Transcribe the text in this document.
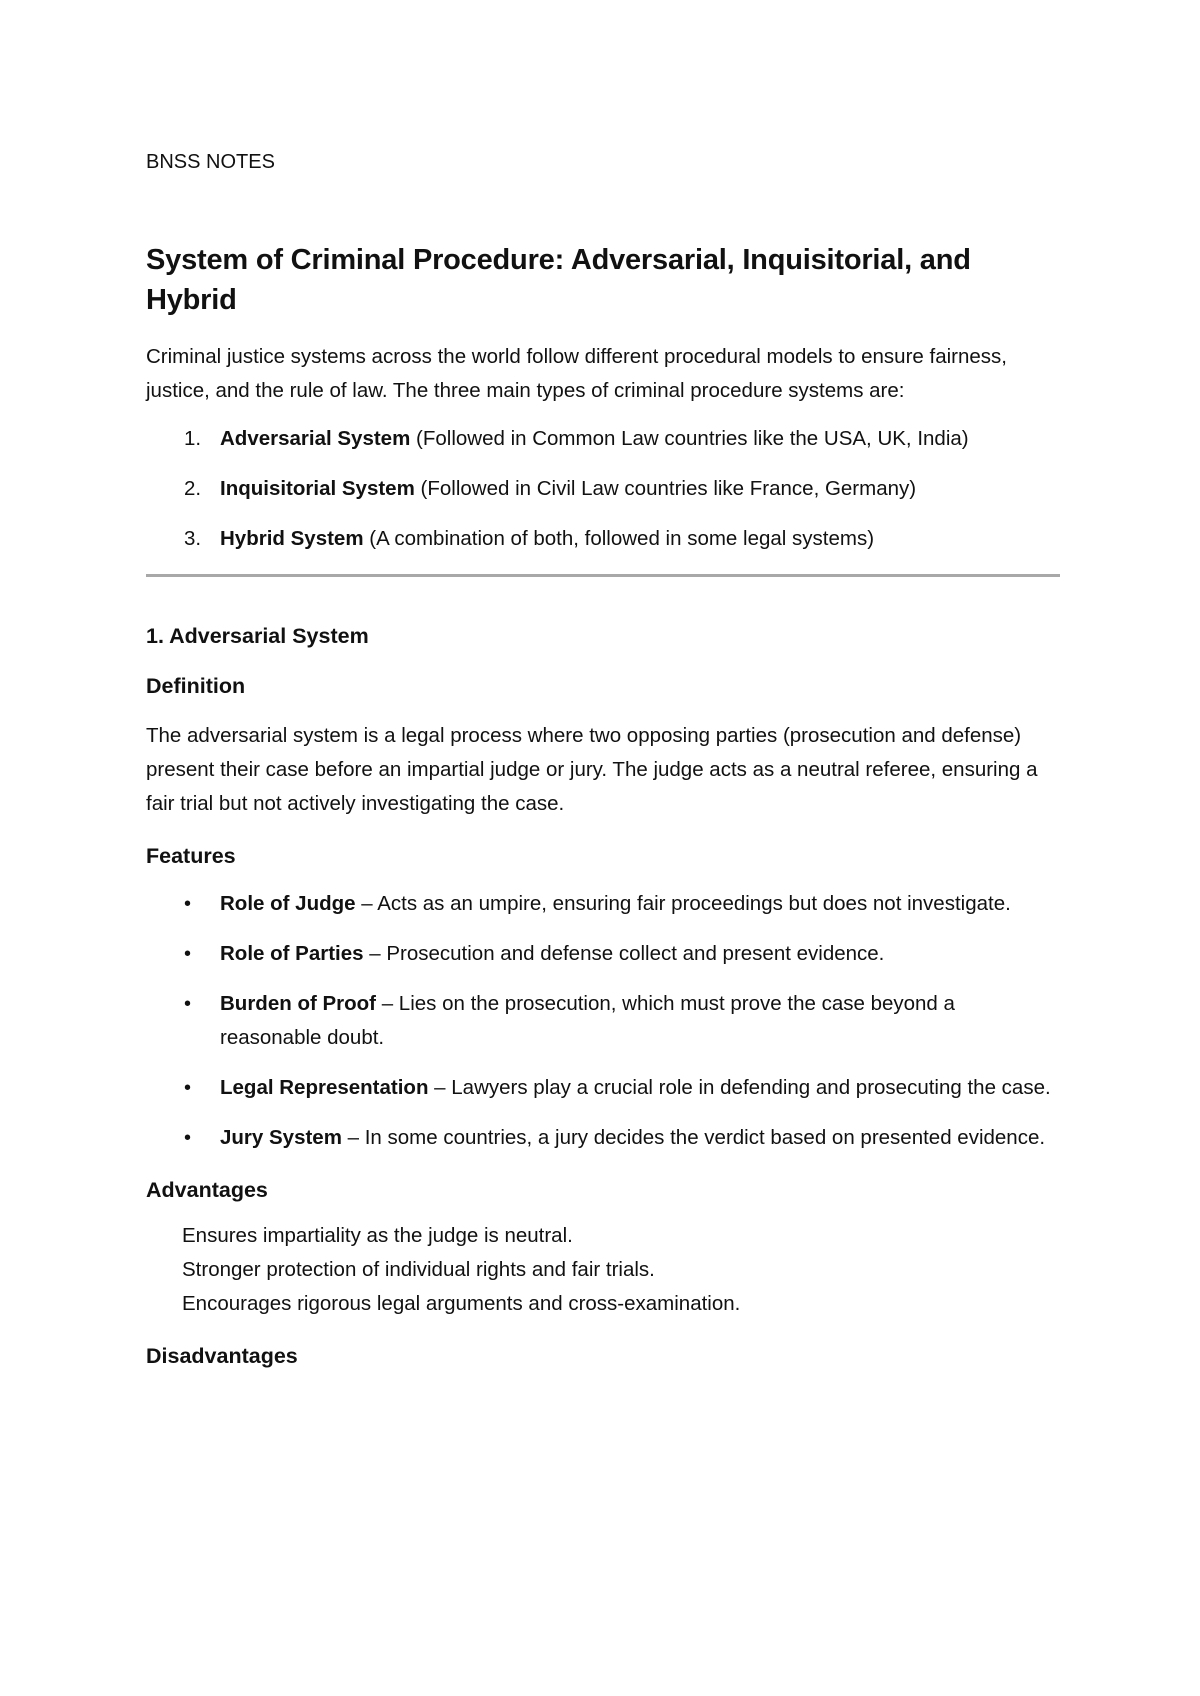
BNSS NOTES

System of Criminal Procedure: Adversarial, Inquisitorial, and Hybrid

Criminal justice systems across the world follow different procedural models to ensure fairness, justice, and the rule of law. The three main types of criminal procedure systems are:

1. Adversarial System (Followed in Common Law countries like the USA, UK, India)
2. Inquisitorial System (Followed in Civil Law countries like France, Germany)
3. Hybrid System (A combination of both, followed in some legal systems)
1. Adversarial System
Definition

The adversarial system is a legal process where two opposing parties (prosecution and defense) present their case before an impartial judge or jury. The judge acts as a neutral referee, ensuring a fair trial but not actively investigating the case.

Features
• Role of Judge – Acts as an umpire, ensuring fair proceedings but does not investigate.
• Role of Parties – Prosecution and defense collect and present evidence.
• Burden of Proof – Lies on the prosecution, which must prove the case beyond a reasonable doubt.
• Legal Representation – Lawyers play a crucial role in defending and prosecuting the case.
• Jury System – In some countries, a jury decides the verdict based on presented evidence.
Advantages
Ensures impartiality as the judge is neutral.
Stronger protection of individual rights and fair trials.
Encourages rigorous legal arguments and cross-examination.
Disadvantages
